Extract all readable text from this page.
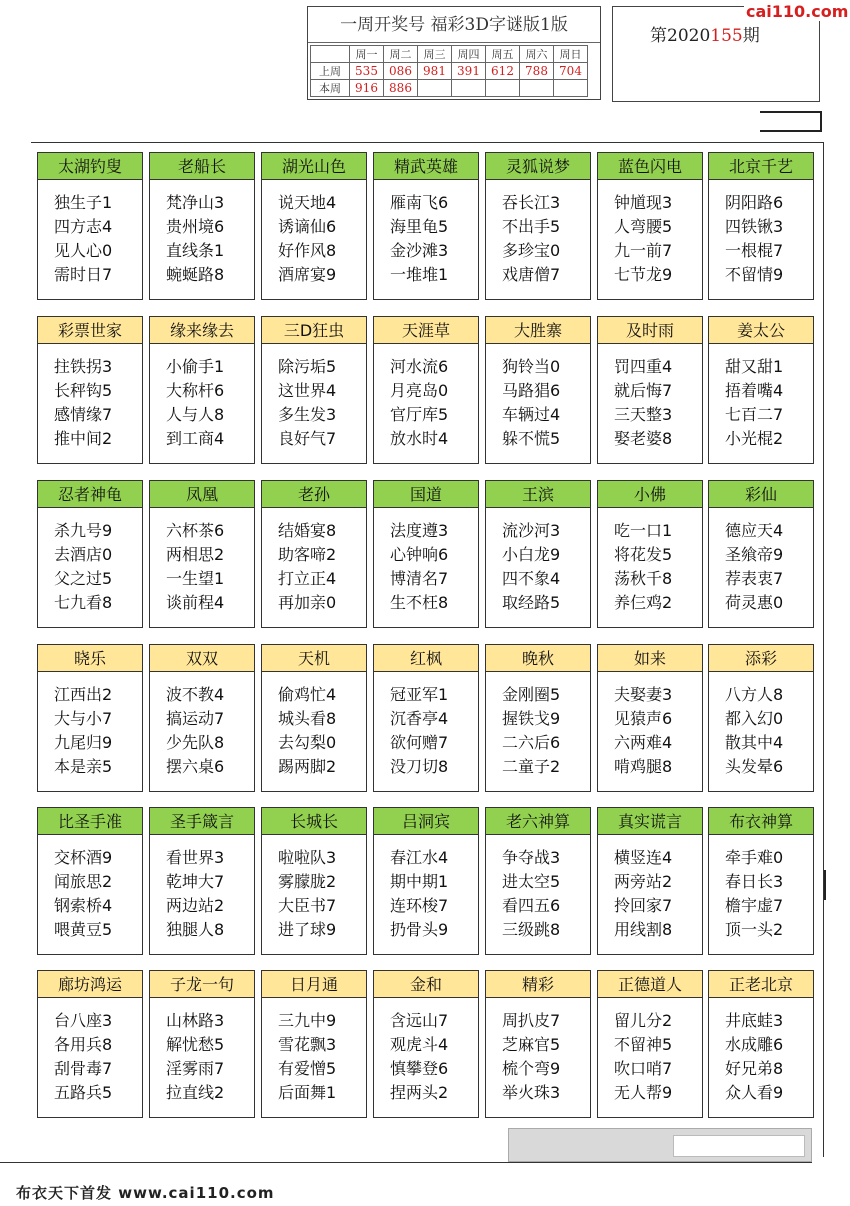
一周开奖号 福彩3D字谜版1版
	周一	周二	周三	周四	周五	周六	周日
上周	535	086	981	391	612	788	704
本周	916	886					
第2020155期
cai110.com
太湖钓叟
独生子1
四方志4
见人心0
需时日7
老船长
梵净山3
贵州境6
直线条1
蜿蜒路8
湖光山色
说天地4
诱谪仙6
好作风8
酒席宴9
精武英雄
雁南飞6
海里龟5
金沙滩3
一堆堆1
灵狐说梦
吞长江3
不出手5
多珍宝0
戏唐僧7
蓝色闪电
钟馗现3
人弯腰5
九一前7
七节龙9
北京千艺
阴阳路6
四铁锹3
一根棍7
不留情9
彩票世家
拄铁拐3
长秤钩5
感情缘7
推中间2
缘来缘去
小偷手1
大称杆6
人与人8
到工商4
三D狂虫
除污垢5
这世界4
多生发3
良好气7
天涯草
河水流6
月亮岛0
官厅库5
放水时4
大胜寨
狗铃当0
马路猖6
车辆过4
躲不慌5
及时雨
罚四重4
就后悔7
三天整3
娶老婆8
姜太公
甜又甜1
捂着嘴4
七百二7
小光棍2
忍者神龟
杀九号9
去酒店0
父之过5
七九看8
凤凰
六杯茶6
两相思2
一生望1
谈前程4
老孙
结婚宴8
助客啼2
打立正4
再加亲0
国道
法度遵3
心钟响6
博清名7
生不枉8
王滨
流沙河3
小白龙9
四不象4
取经路5
小佛
吃一口1
将花发5
荡秋千8
养仨鸡2
彩仙
德应天4
圣飨帝9
荐表衷7
荷灵惠0
晓乐
江西出2
大与小7
九尾归9
本是亲5
双双
波不教4
搞运动7
少先队8
摆六桌6
天机
偷鸡忙4
城头看8
去勾梨0
踢两脚2
红枫
冠亚军1
沉香亭4
欲何赠7
没刀切8
晚秋
金刚圈5
握铁戈9
二六后6
二童子2
如来
夫娶妻3
见猿声6
六两难4
啃鸡腿8
添彩
八方人8
都入幻0
散其中4
头发晕6
比圣手准
交杯酒9
闻旅思2
钢索桥4
喂黄豆5
圣手箴言
看世界3
乾坤大7
两边站2
独腿人8
长城长
啦啦队3
雾朦胧2
大臣书7
进了球9
吕洞宾
春江水4
期中期1
连环梭7
扔骨头9
老六神算
争夺战3
进太空5
看四五6
三级跳8
真实谎言
横竖连4
两旁站2
拎回家7
用线割8
布衣神算
牵手难0
春日长3
檐宇虚7
顶一头2
廊坊鸿运
台八座3
各用兵8
刮骨毒7
五路兵5
子龙一句
山林路3
解忧愁5
淫雾雨7
拉直线2
日月通
三九中9
雪花飘3
有爱憎5
后面舞1
金和
含远山7
观虎斗4
慎攀登6
捏两头2
精彩
周扒皮7
芝麻官5
梳个弯9
举火珠3
正德道人
留儿分2
不留神5
吹口哨7
无人帮9
正老北京
井底蛙3
水成雕6
好兄弟8
众人看9
布衣天下首发 www.cai110.com
